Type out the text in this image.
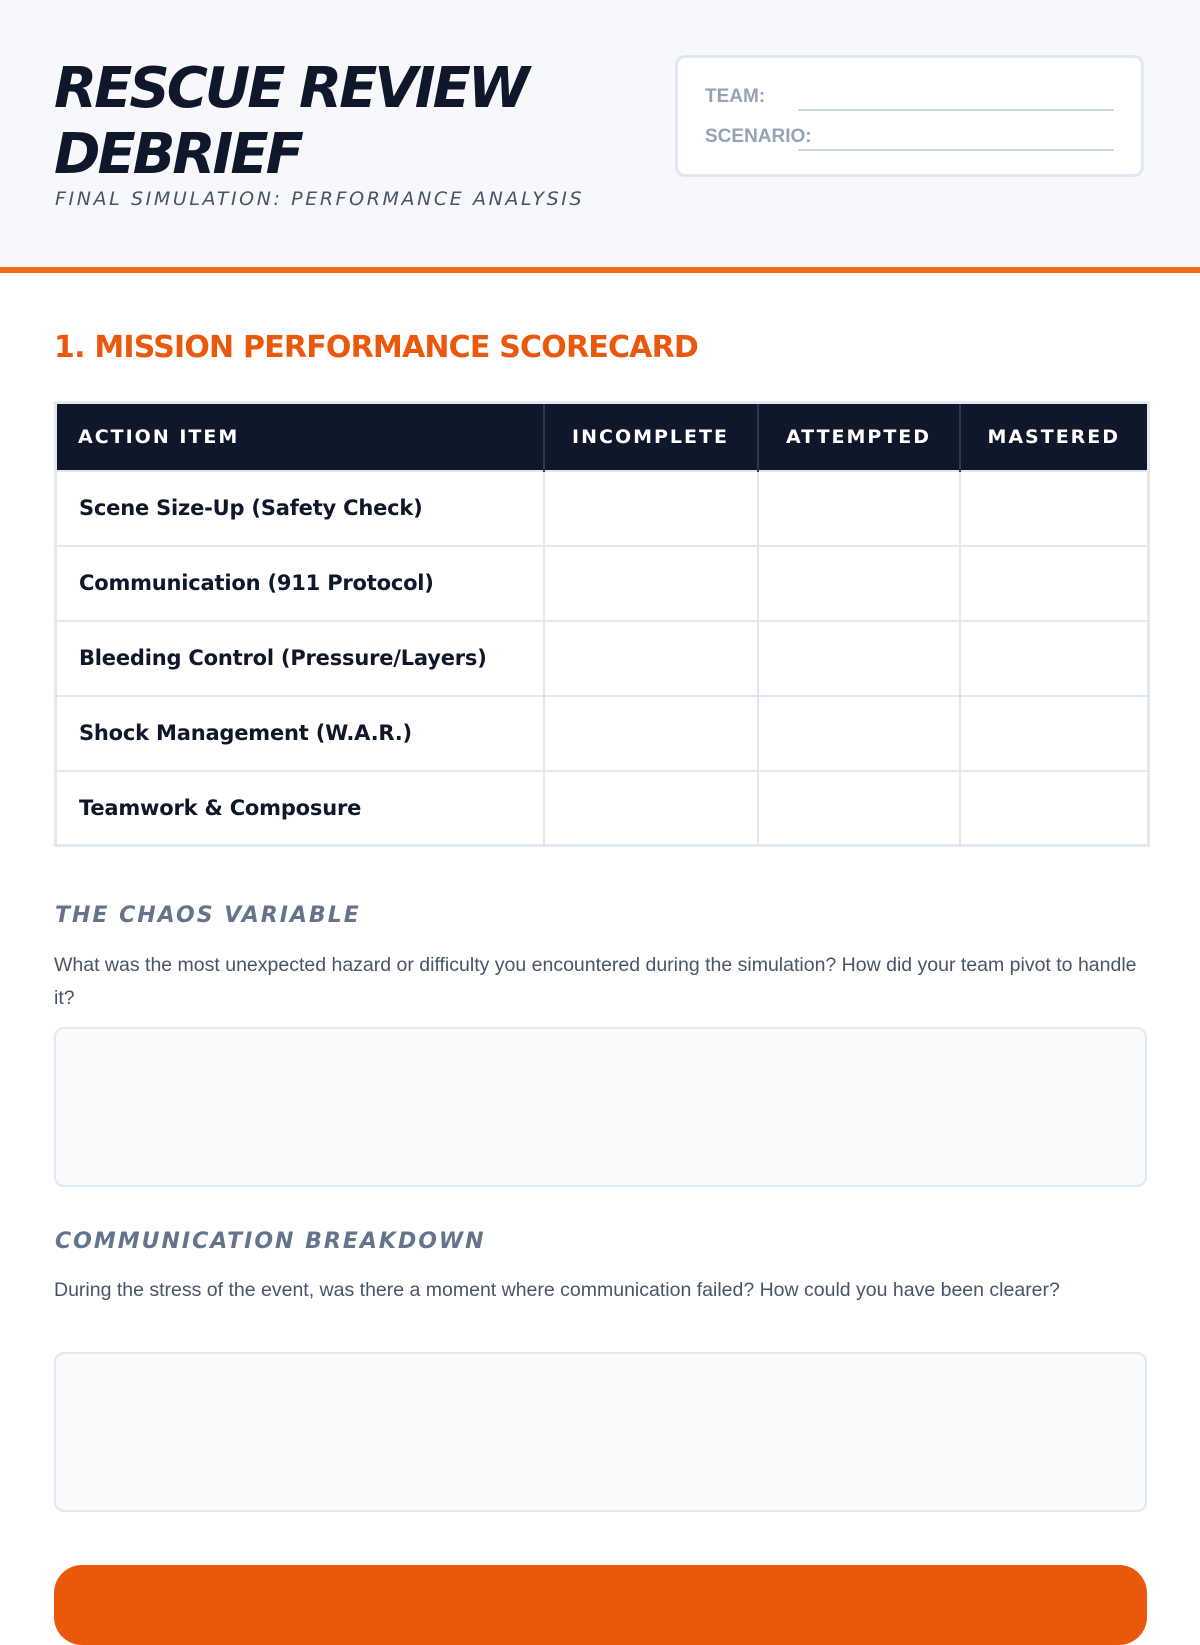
RESCUE REVIEW DEBRIEF

FINAL SIMULATION: PERFORMANCE ANALYSIS

TEAM:
SCENARIO:
1. MISSION PERFORMANCE SCORECARD
ACTION ITEM	INCOMPLETE	ATTEMPTED	MASTERED
Scene Size-Up (Safety Check)			
Communication (911 Protocol)			
Bleeding Control (Pressure/Layers)			
Shock Management (W.A.R.)			
Teamwork & Composure			
THE CHAOS VARIABLE

What was the most unexpected hazard or difficulty you encountered during the simulation? How did your team pivot to handle it?

COMMUNICATION BREAKDOWN

During the stress of the event, was there a moment where communication failed? How could you have been clearer?
